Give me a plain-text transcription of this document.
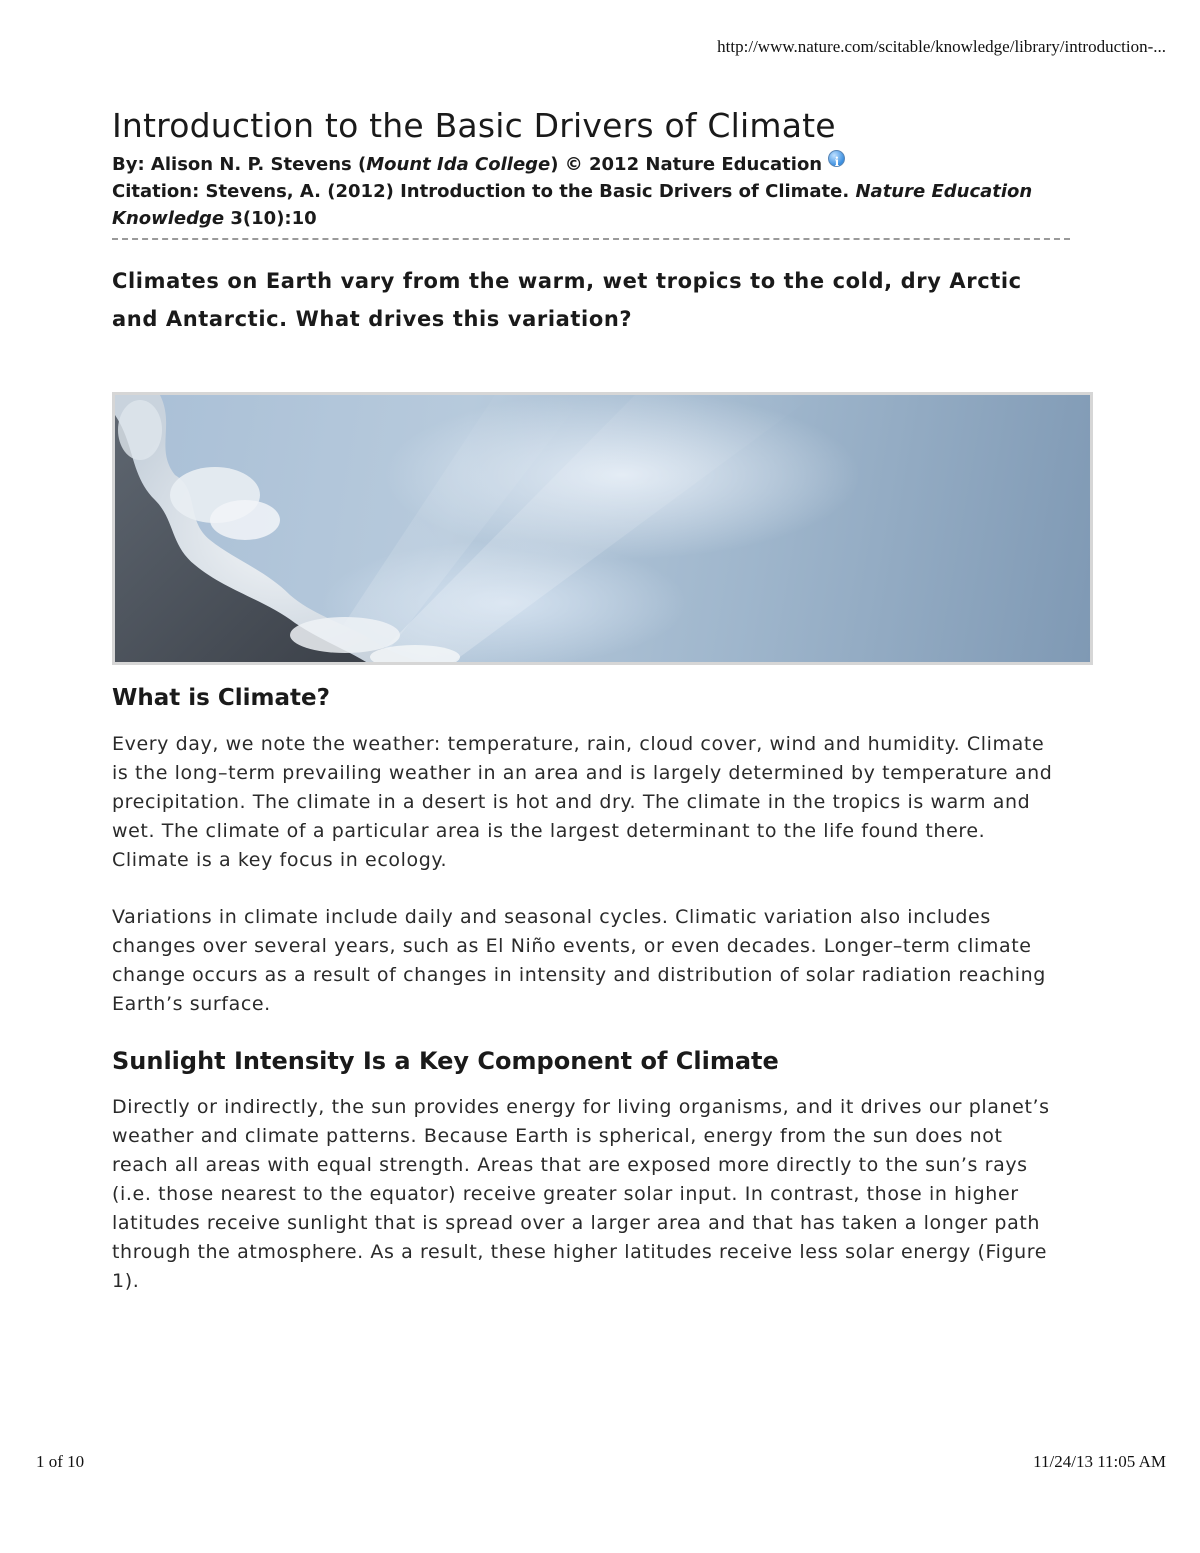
http://www.nature.com/scitable/knowledge/library/introduction-...
Introduction to the Basic Drivers of Climate
By: Alison N. P. Stevens (Mount Ida College) © 2012 Nature Education i
Citation: Stevens, A. (2012) Introduction to the Basic Drivers of Climate. Nature Education Knowledge 3(10):10
Climates on Earth vary from the warm, wet tropics to the cold, dry Arctic and Antarctic. What drives this variation?
What is Climate?

Every day, we note the weather: temperature, rain, cloud cover, wind and humidity. Climate is the long–term prevailing weather in an area and is largely determined by temperature and precipitation. The climate in a desert is hot and dry. The climate in the tropics is warm and wet. The climate of a particular area is the largest determinant to the life found there. Climate is a key focus in ecology.

Variations in climate include daily and seasonal cycles. Climatic variation also includes changes over several years, such as El Niño events, or even decades. Longer–term climate change occurs as a result of changes in intensity and distribution of solar radiation reaching Earth’s surface.

Sunlight Intensity Is a Key Component of Climate

Directly or indirectly, the sun provides energy for living organisms, and it drives our planet’s weather and climate patterns. Because Earth is spherical, energy from the sun does not reach all areas with equal strength. Areas that are exposed more directly to the sun’s rays (i.e. those nearest to the equator) receive greater solar input. In contrast, those in higher latitudes receive sunlight that is spread over a larger area and that has taken a longer path through the atmosphere. As a result, these higher latitudes receive less solar energy (Figure 1).

1 of 10	11/24/13 11:05 AM
